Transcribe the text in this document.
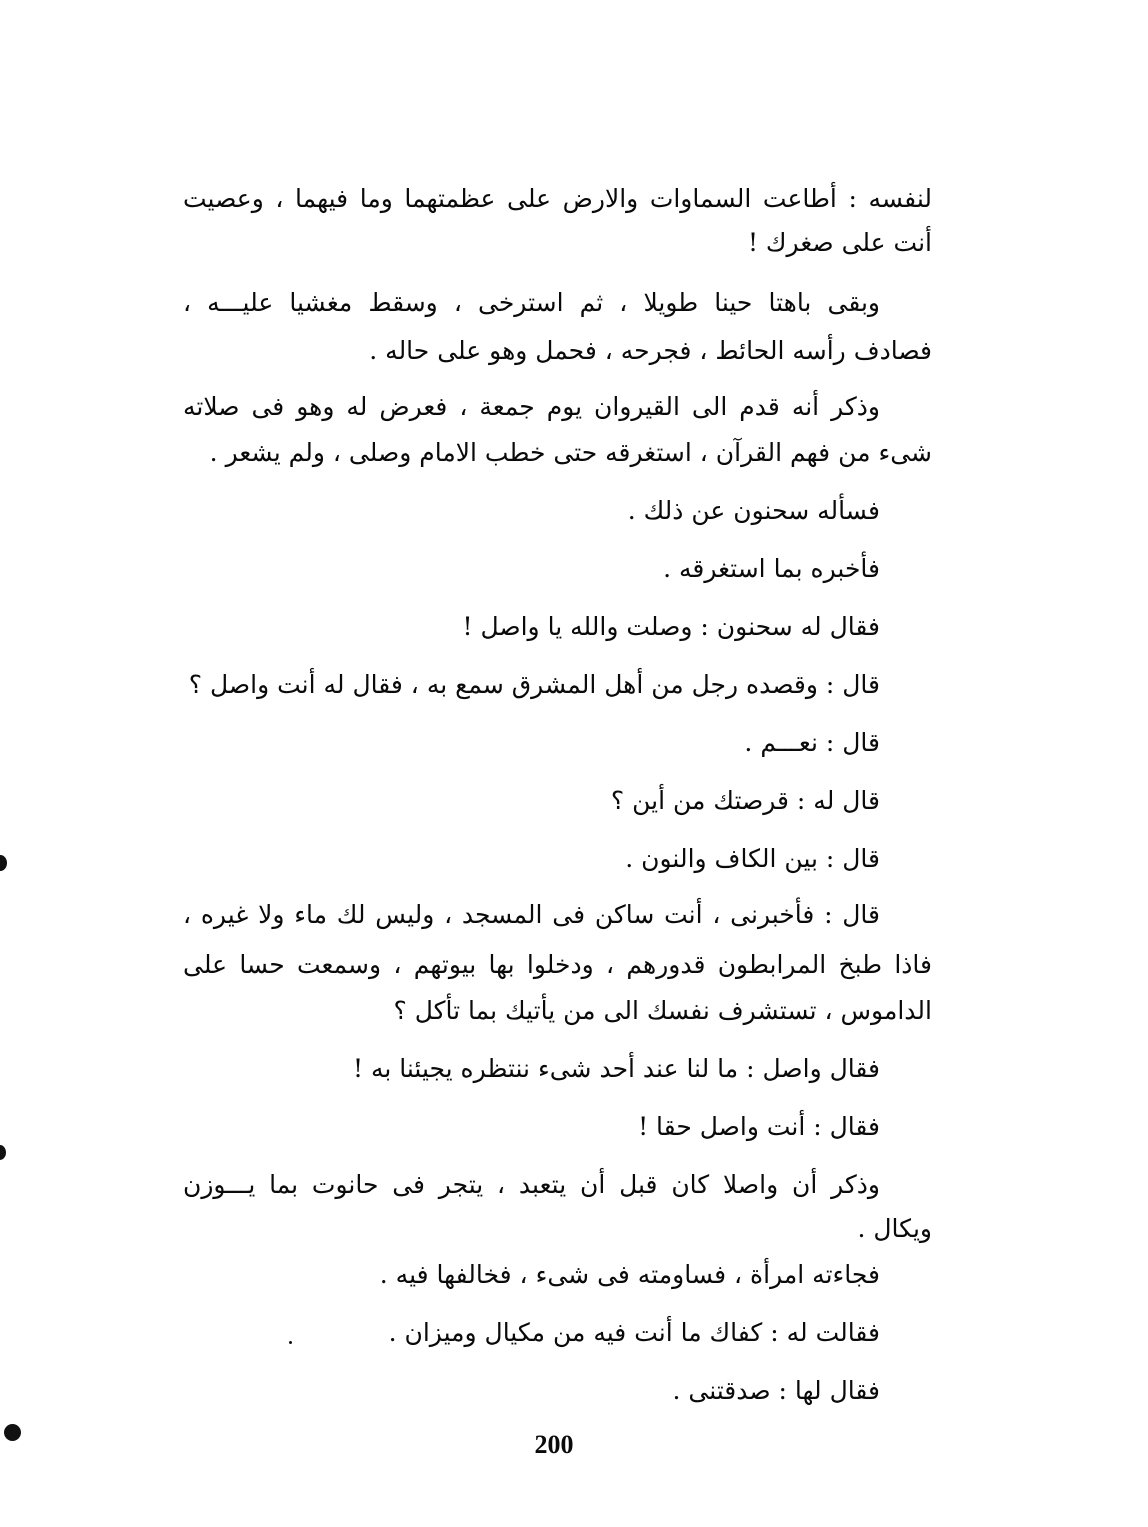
لنفسه : أطاعت السماوات والارض على عظمتهما وما فيهما ، وعصيت
أنت على صغرك !
وبقى باهتا حينا طويلا ، ثم استرخى ، وسقط مغشيا عليـــه ،
فصادف رأسه الحائط ، فجرحه ، فحمل وهو على حاله .
وذكر أنه قدم الى القيروان يوم جمعة ، فعرض له وهو فى صلاته
شىء من فهم القرآن ، استغرقه حتى خطب الامام وصلى ، ولم يشعر .
فسأله سحنون عن ذلك .
فأخبره بما استغرقه .
فقال له سحنون : وصلت والله يا واصل !
قال : وقصده رجل من أهل المشرق سمع به ، فقال له أنت واصل ؟
قال : نعـــم .
قال له : قرصتك من أين ؟
قال : بين الكاف والنون .
قال : فأخبرنى ، أنت ساكن فى المسجد ، وليس لك ماء ولا غيره ،
فاذا طبخ المرابطون قدورهم ، ودخلوا بها بيوتهم ، وسمعت حسا على
الداموس ، تستشرف نفسك الى من يأتيك بما تأكل ؟
فقال واصل : ما لنا عند أحد شىء ننتظره يجيئنا به !
فقال : أنت واصل حقا !
وذكر أن واصلا كان قبل أن يتعبد ، يتجر فى حانوت بما يـــوزن
ويكال .
فجاءته امرأة ، فساومته فى شىء ، فخالفها فيه .
فقالت له : كفاك ما أنت فيه من مكيال وميزان .
فقال لها : صدقتنى .
200
